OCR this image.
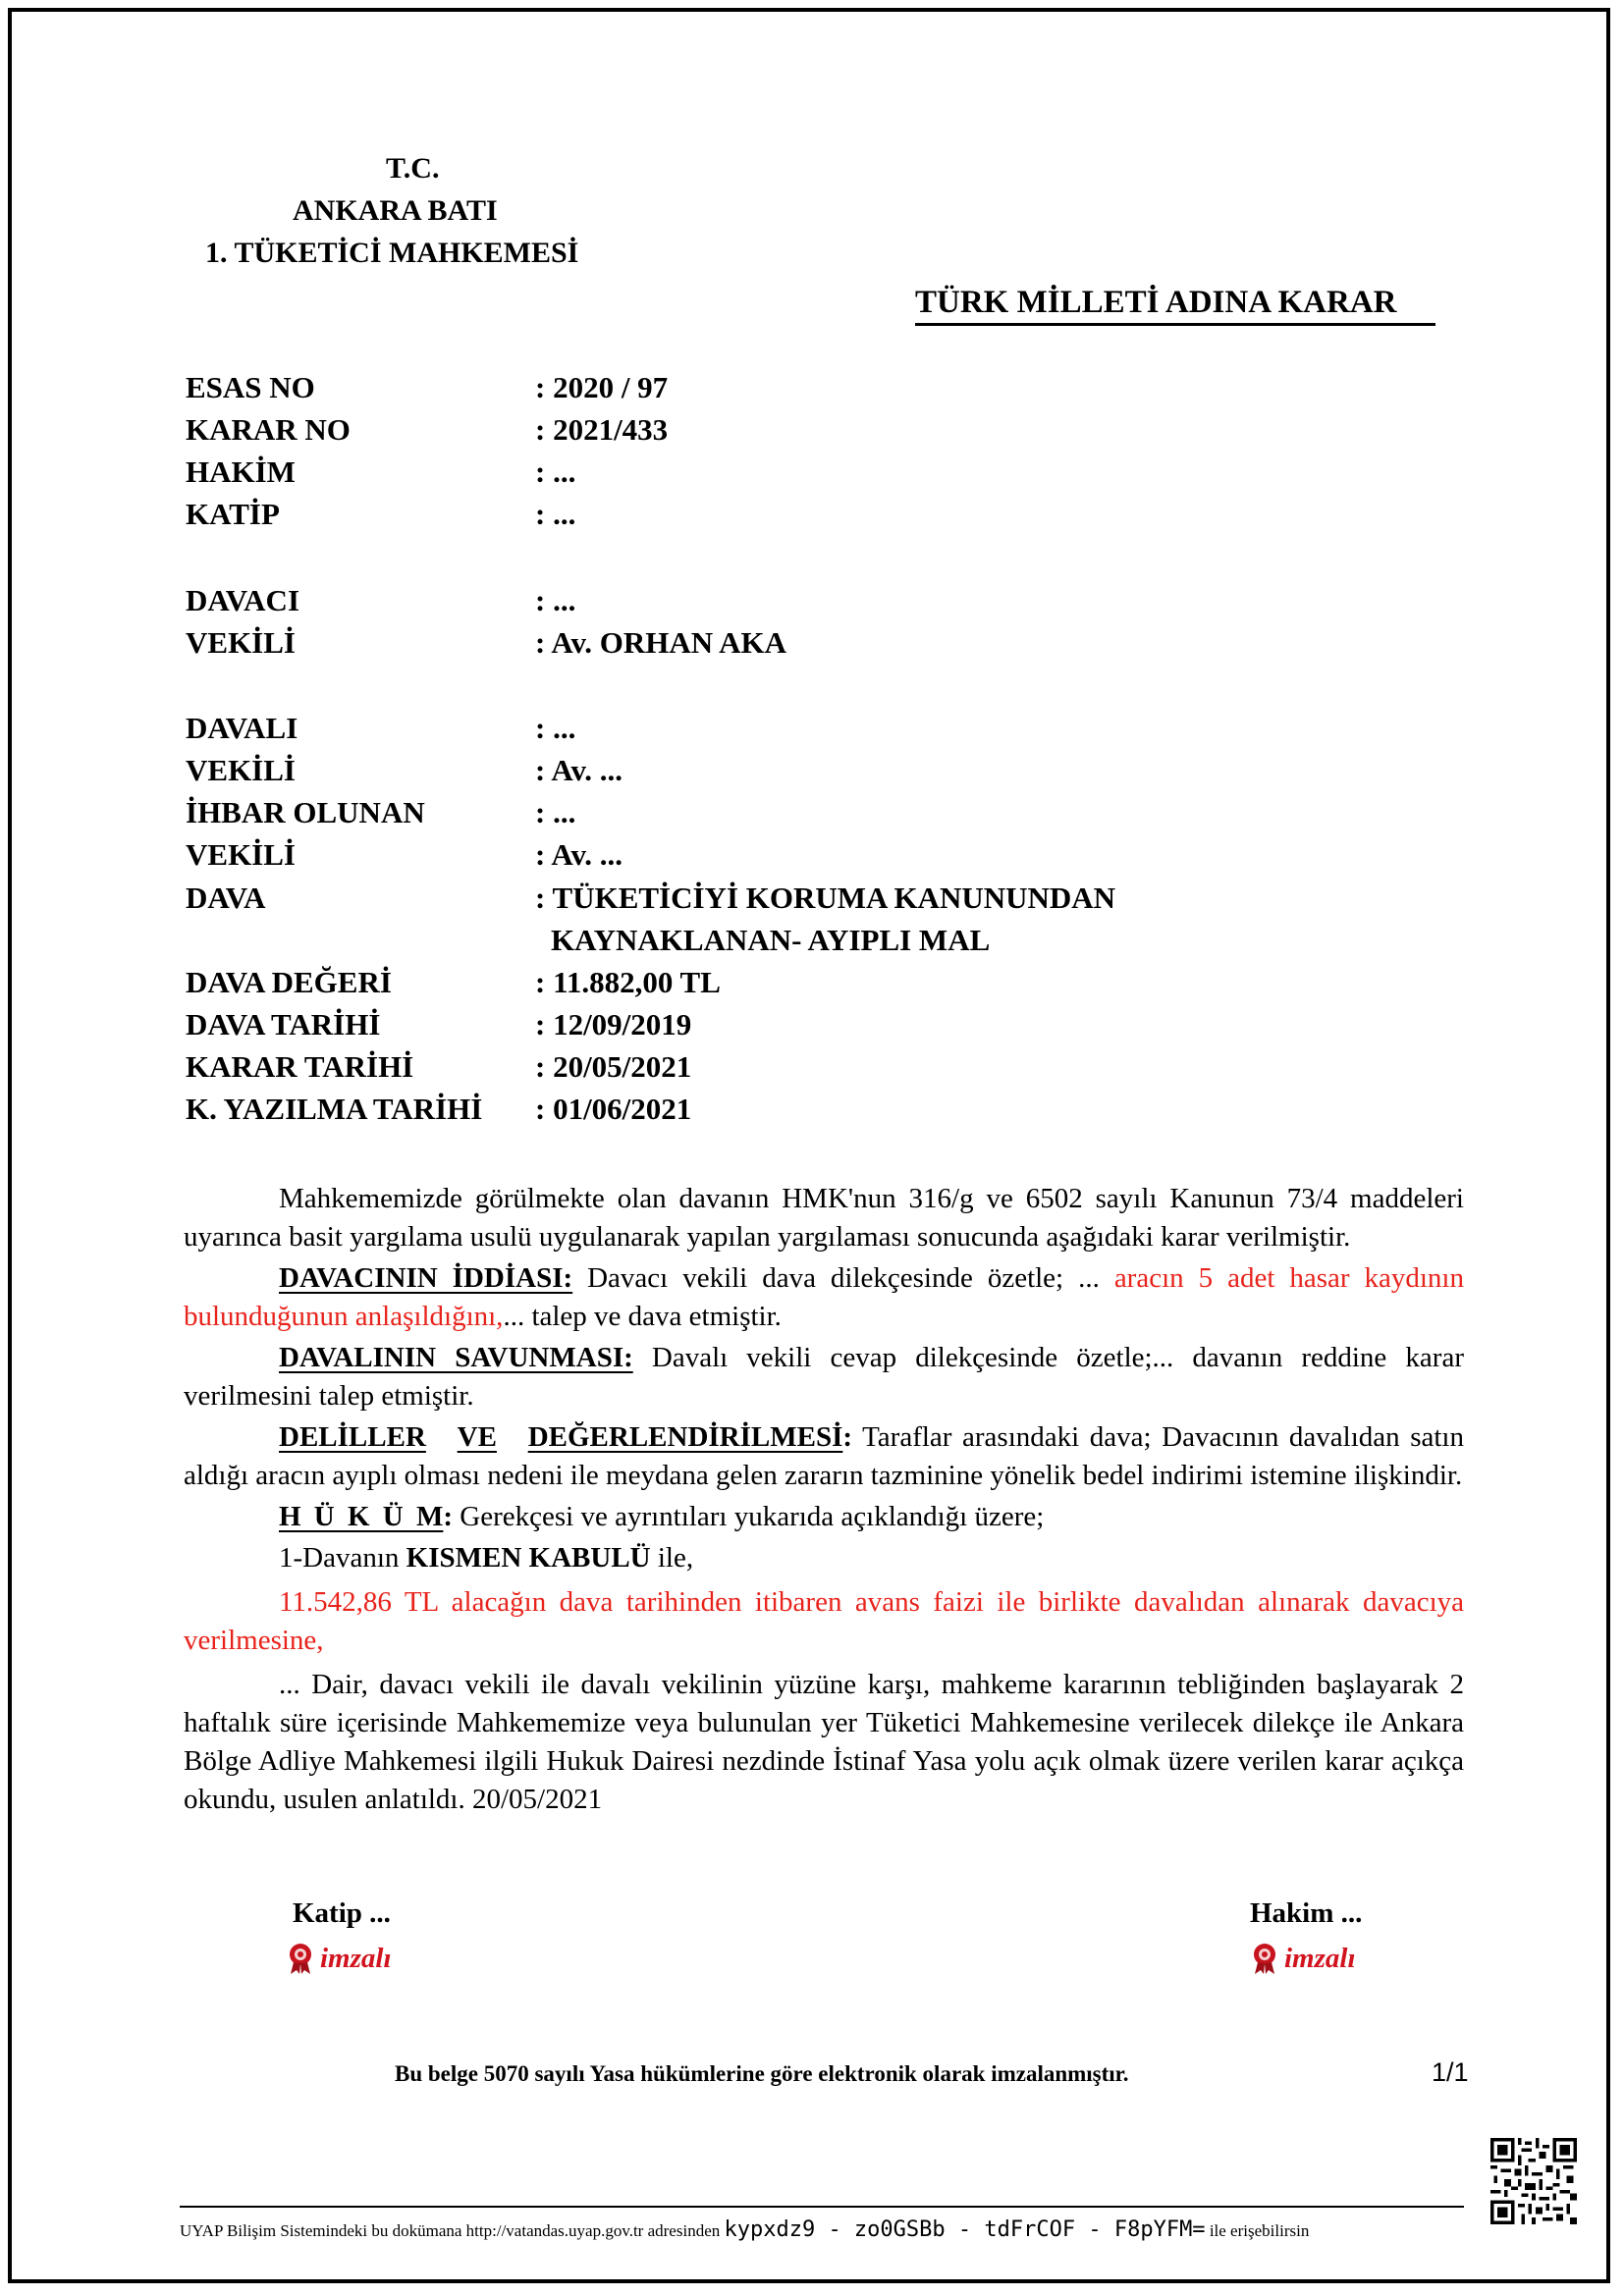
T.C.
ANKARA BATI
1. TÜKETİCİ MAHKEMESİ
TÜRK MİLLETİ ADINA KARAR
ESAS NO	: 2020 / 97
KARAR NO	: 2021/433
HAKİM	: ...
KATİP	: ...
DAVACI	: ...
VEKİLİ	: Av. ORHAN AKA
DAVALI	: ...
VEKİLİ	: Av. ...
İHBAR OLUNAN	: ...
VEKİLİ	: Av. ...
DAVA	: TÜKETİCİYİ KORUMA KANUNUNDAN
KAYNAKLANAN- AYIPLI MAL
DAVA DEĞERİ	: 11.882,00 TL
DAVA TARİHİ	: 12/09/2019
KARAR TARİHİ	: 20/05/2021
K. YAZILMA TARİHİ : 01/06/2021

Mahkememizde görülmekte olan davanın HMK'nun 316/g ve 6502 sayılı Kanunun 73/4 maddeleri uyarınca basit yargılama usulü uygulanarak yapılan yargılaması sonucunda aşağıdaki karar verilmiştir.

DAVACININ İDDİASI: Davacı vekili dava dilekçesinde özetle; ... aracın 5 adet hasar kaydının bulunduğunun anlaşıldığını,... talep ve dava etmiştir.

DAVALININ SAVUNMASI: Davalı vekili cevap dilekçesinde özetle;... davanın reddine karar verilmesini talep etmiştir.

DELİLLER VE DEĞERLENDİRİLMESİ: Taraflar arasındaki dava; Davacının davalıdan satın aldığı aracın ayıplı olması nedeni ile meydana gelen zararın tazminine yönelik bedel indirimi istemine ilişkindir.

H Ü K Ü M: Gerekçesi ve ayrıntıları yukarıda açıklandığı üzere;

1-Davanın KISMEN KABULÜ ile,

11.542,86 TL alacağın dava tarihinden itibaren avans faizi ile birlikte davalıdan alınarak davacıya verilmesine,

... Dair, davacı vekili ile davalı vekilinin yüzüne karşı, mahkeme kararının tebliğinden başlayarak 2 haftalık süre içerisinde Mahkememize veya bulunulan yer Tüketici Mahkemesine verilecek dilekçe ile Ankara Bölge Adliye Mahkemesi ilgili Hukuk Dairesi nezdinde İstinaf Yasa yolu açık olmak üzere verilen karar açıkça okundu, usulen anlatıldı. 20/05/2021

Katip ...	Hakim ...
imzalı	imzalı
Bu belge 5070 sayılı Yasa hükümlerine göre elektronik olarak imzalanmıştır.	1/1
UYAP Bilişim Sistemindeki bu dokümana http://vatandas.uyap.gov.tr adresinden kypxdz9 - zo0GSBb - tdFrCOF - F8pYFM= ile erişebilirsin
